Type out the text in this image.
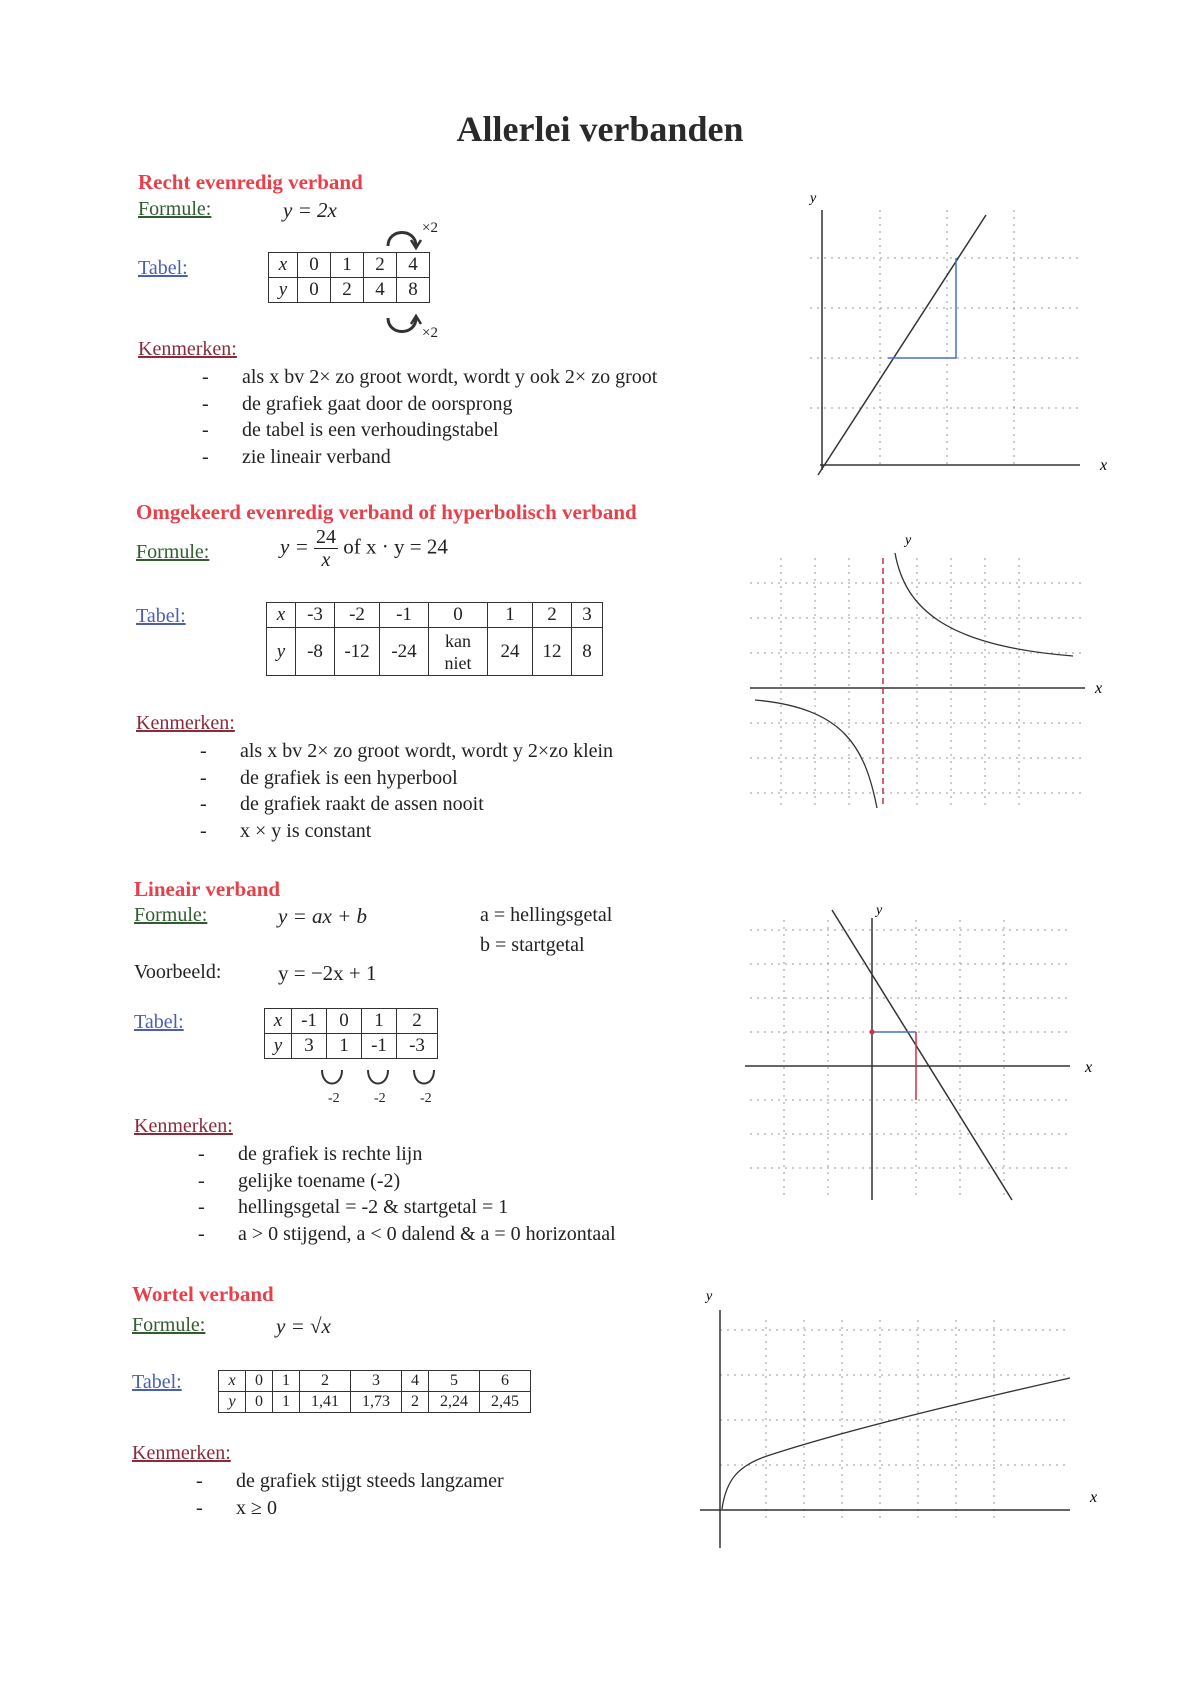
Allerlei verbanden
Recht evenredig verband
Formule:	y = 2x
×2
Tabel:	x	0	1	2	4
y	0	2	4	8
×2
Kenmerken:
- als x bv 2× zo groot wordt, wordt y ook 2× zo groot
- de grafiek gaat door de oorsprong
- de tabel is een verhoudingstabel
- zie lineair verband
y
x
Omgekeerd evenredig verband of hyperbolisch verband
Formule:	$y = \frac{24}{x}$ of x · y = 24
Tabel:	x	-3	-2	-1	0	1	2	3
y	-8	-12	-24	kan niet	24	12	8
Kenmerken:
- als x bv 2× zo groot wordt, wordt y 2×zo klein
- de grafiek is een hyperbool
- de grafiek raakt de assen nooit
- x × y is constant
y
x
Lineair verband
Formule:	y = ax + b	a = hellingsgetal
b = startgetal
Voorbeeld:	y = −2x + 1
Tabel:	x	-1	0	1	2
y	3	1	-1	-3
-2 -2 -2
Kenmerken:
- de grafiek is rechte lijn
- gelijke toename (-2)
- hellingsgetal = -2 & startgetal = 1
- a > 0 stijgend, a < 0 dalend & a = 0 horizontaal
y
x
Wortel verband
Formule:	y = √x
Tabel:	x	0	1	2	3	4	5	6
y	0	1	1,41	1,73	2	2,24	2,45
Kenmerken:
- de grafiek stijgt steeds langzamer
- x ≥ 0
y
x
